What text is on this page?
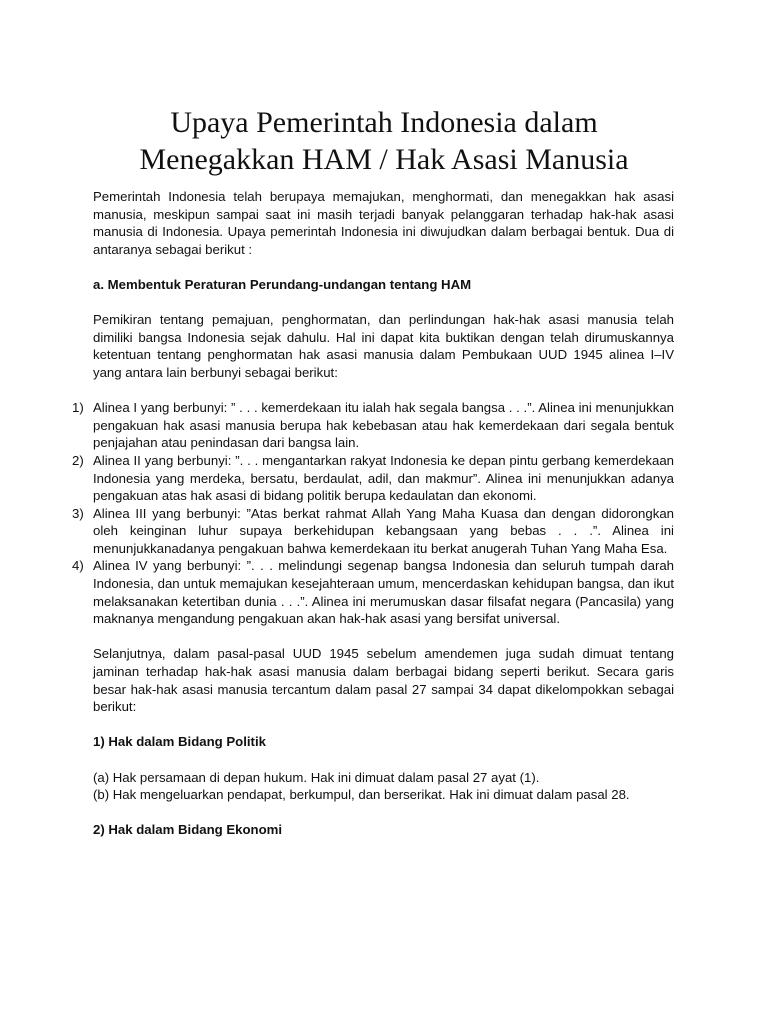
Upaya Pemerintah Indonesia dalam
Menegakkan HAM / Hak Asasi Manusia

Pemerintah Indonesia telah berupaya memajukan, menghormati, dan menegakkan hak asasi manusia, meskipun sampai saat ini masih terjadi banyak pelanggaran terhadap hak-hak asasi manusia di Indonesia. Upaya pemerintah Indonesia ini diwujudkan dalam berbagai bentuk. Dua di antaranya sebagai berikut :

a. Membentuk Peraturan Perundang-undangan tentang HAM

Pemikiran tentang pemajuan, penghormatan, dan perlindungan hak-hak asasi manusia telah dimiliki bangsa Indonesia sejak dahulu. Hal ini dapat kita buktikan dengan telah dirumuskannya ketentuan tentang penghormatan hak asasi manusia dalam Pembukaan UUD 1945 alinea I–IV yang antara lain berbunyi sebagai berikut:

1) Alinea I yang berbunyi: ” . . . kemerdekaan itu ialah hak segala bangsa . . .”. Alinea ini menunjukkan pengakuan hak asasi manusia berupa hak kebebasan atau hak kemerdekaan dari segala bentuk penjajahan atau penindasan dari bangsa lain.
2) Alinea II yang berbunyi: ”. . . mengantarkan rakyat Indonesia ke depan pintu gerbang kemerdekaan Indonesia yang merdeka, bersatu, berdaulat, adil, dan makmur”. Alinea ini menunjukkan adanya pengakuan atas hak asasi di bidang politik berupa kedaulatan dan ekonomi.
3) Alinea III yang berbunyi: ”Atas berkat rahmat Allah Yang Maha Kuasa dan dengan didorongkan oleh keinginan luhur supaya berkehidupan kebangsaan yang bebas . . .”. Alinea ini menunjukkanadanya pengakuan bahwa kemerdekaan itu berkat anugerah Tuhan Yang Maha Esa.
4) Alinea IV yang berbunyi: ”. . . melindungi segenap bangsa Indonesia dan seluruh tumpah darah Indonesia, dan untuk memajukan kesejahteraan umum, mencerdaskan kehidupan bangsa, dan ikut melaksanakan ketertiban dunia . . .”. Alinea ini merumuskan dasar filsafat negara (Pancasila) yang maknanya mengandung pengakuan akan hak-hak asasi yang bersifat universal.

Selanjutnya, dalam pasal-pasal UUD 1945 sebelum amendemen juga sudah dimuat tentang jaminan terhadap hak-hak asasi manusia dalam berbagai bidang seperti berikut. Secara garis besar hak-hak asasi manusia tercantum dalam pasal 27 sampai 34 dapat dikelompokkan sebagai berikut:

1) Hak dalam Bidang Politik

(a) Hak persamaan di depan hukum. Hak ini dimuat dalam pasal 27 ayat (1).

(b) Hak mengeluarkan pendapat, berkumpul, dan berserikat. Hak ini dimuat dalam pasal 28.

2) Hak dalam Bidang Ekonomi
